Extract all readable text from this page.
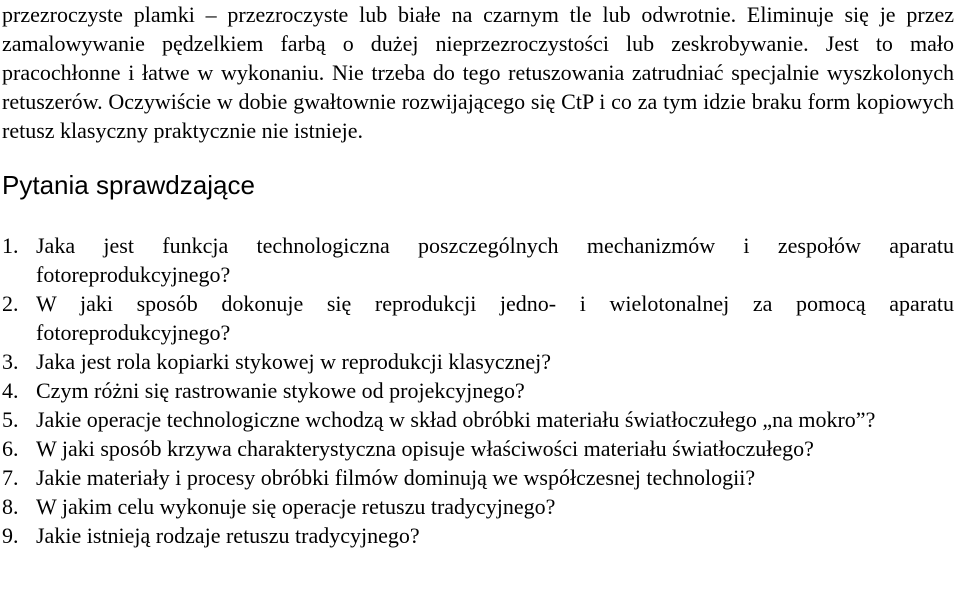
przezroczyste plamki – przezroczyste lub białe na czarnym tle lub odwrotnie. Eliminuje się je przez zamalowywanie pędzelkiem farbą o dużej nieprzezroczystości lub zeskrobywanie. Jest to mało pracochłonne i łatwe w wykonaniu. Nie trzeba do tego retuszowania zatrudniać specjalnie wyszkolonych retuszerów. Oczywiście w dobie gwałtownie rozwijającego się CtP i co za tym idzie braku form kopiowych retusz klasyczny praktycznie nie istnieje.

Pytania sprawdzające
1. Jaka jest funkcja technologiczna poszczególnych mechanizmów i zespołów aparatu fotoreprodukcyjnego?
2. W jaki sposób dokonuje się reprodukcji jedno- i wielotonalnej za pomocą aparatu fotoreprodukcyjnego?
3. Jaka jest rola kopiarki stykowej w reprodukcji klasycznej?
4. Czym różni się rastrowanie stykowe od projekcyjnego?
5. Jakie operacje technologiczne wchodzą w skład obróbki materiału światłoczułego „na mokro”?
6. W jaki sposób krzywa charakterystyczna opisuje właściwości materiału światłoczułego?
7. Jakie materiały i procesy obróbki filmów dominują we współczesnej technologii?
8. W jakim celu wykonuje się operacje retuszu tradycyjnego?
9. Jakie istnieją rodzaje retuszu tradycyjnego?
